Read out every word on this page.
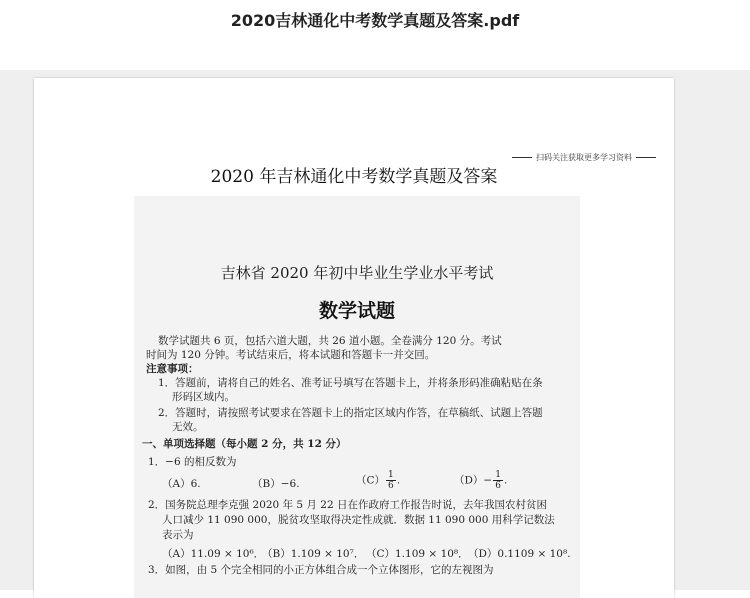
2020吉林通化中考数学真题及答案.pdf
扫码关注获取更多学习资料
2020 年吉林通化中考数学真题及答案
吉林省 2020 年初中毕业生学业水平考试
数学试题
数学试题共 6 页，包括六道大题，共 26 道小题。全卷满分 120 分。考试
时间为 120 分钟。考试结束后，将本试题和答题卡一并交回。
注意事项：
1．答题前，请将自己的姓名、准考证号填写在答题卡上，并将条形码准确粘贴在条
形码区域内。
2．答题时，请按照考试要求在答题卡上的指定区域内作答，在草稿纸、试题上答题
无效。
一、单项选择题（每小题 2 分，共 12 分）
1．−6 的相反数为
（A）6.	（B）−6.	$(C) \frac{1}{6}$ .	$(D)- \frac{1}{6}$ .
2．国务院总理李克强 2020 年 5 月 22 日在作政府工作报告时说，去年我国农村贫困
人口减少 11 090 000，脱贫攻坚取得决定性成就．数据 11 090 000 用科学记数法
表示为
（A）11.09 × 10⁶．
（B）1.109 × 10⁷． （C）1.109 × 10⁸． （D）0.1109 × 10⁸.
3．如图，由 5 个完全相同的小正方体组合成一个立体图形，它的左视图为
